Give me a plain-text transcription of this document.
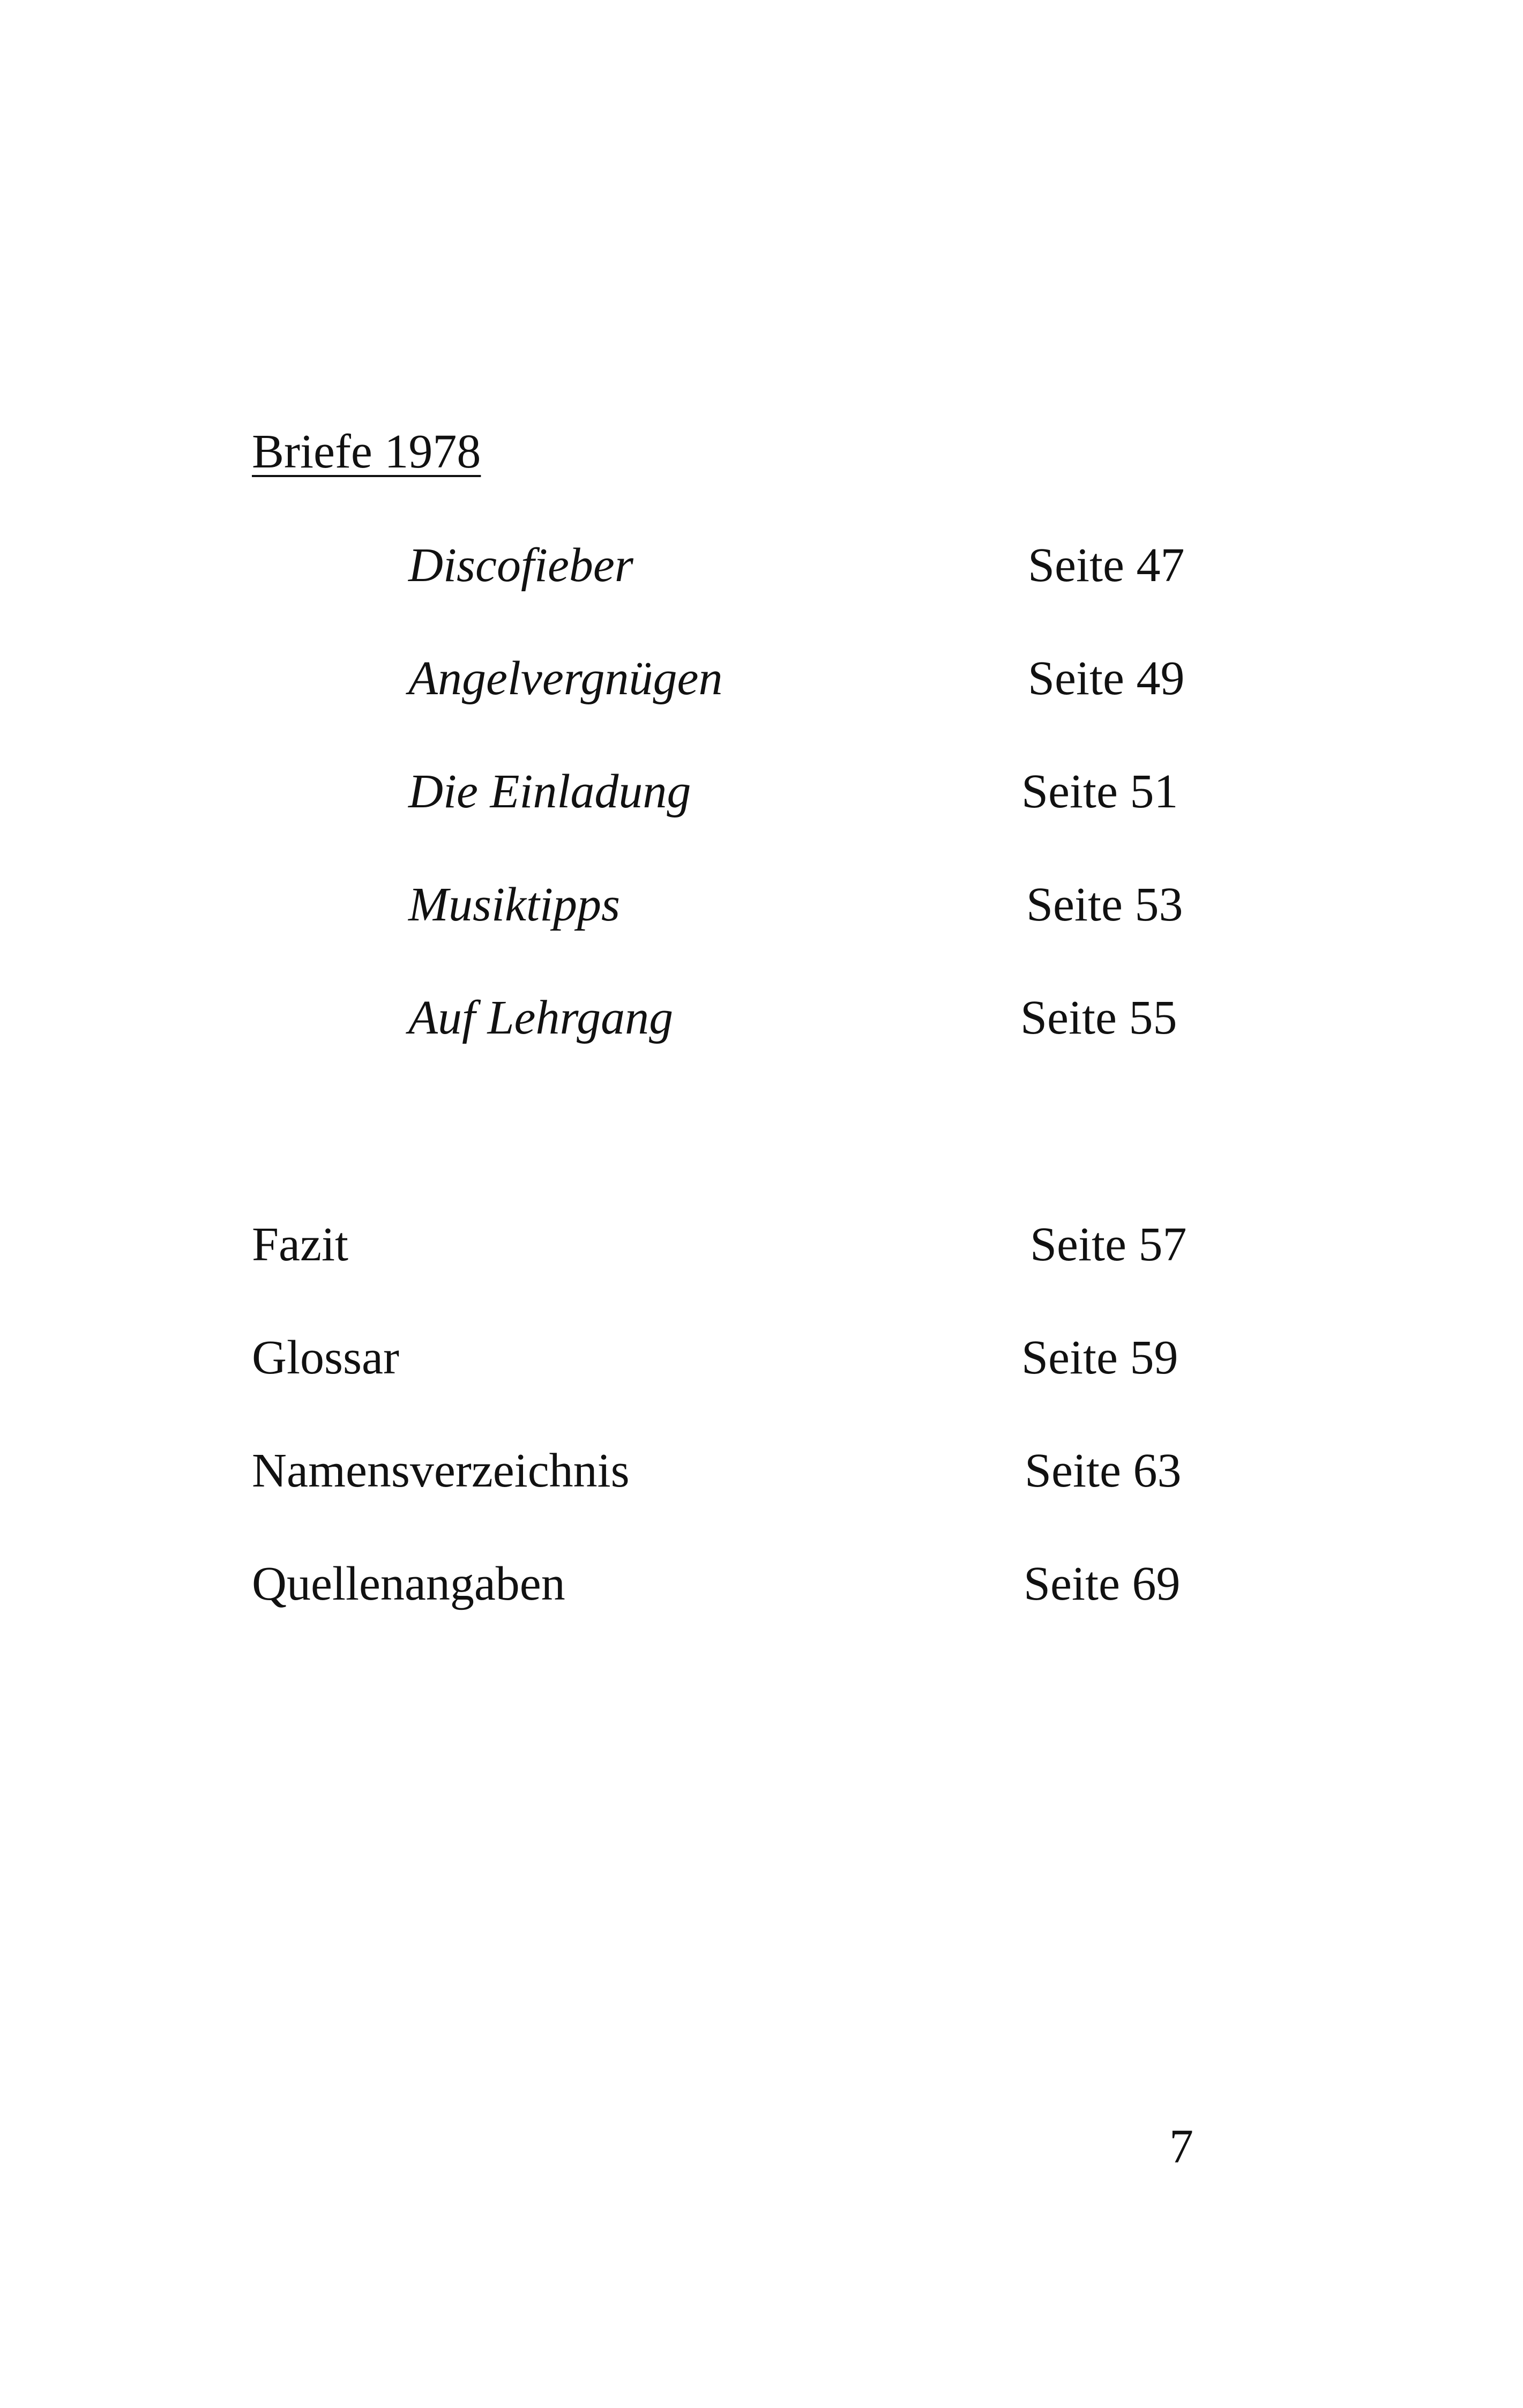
Briefe 1978
Discofieber	Seite 47
Angelvergnügen	Seite 49
Die Einladung	Seite 51
Musiktipps	Seite 53
Auf Lehrgang	Seite 55
Fazit	Seite 57
Glossar	Seite 59
Namensverzeichnis	Seite 63
Quellenangaben	Seite 69
7
